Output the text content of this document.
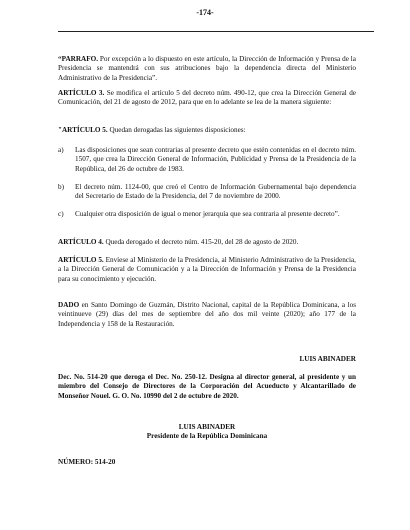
-174-

“PARRAFO. Por excepción a lo dispuesto en este artículo, la Dirección de Información y Prensa de la Presidencia se mantendrá con sus atribuciones bajo la dependencia directa del Ministerio Administrativo de la Presidencia”.

ARTÍCULO 3. Se modifica el artículo 5 del decreto núm. 490-12, que crea la Dirección General de Comunicación, del 21 de agosto de 2012, para que en lo adelante se lea de la manera siguiente:

"ARTÍCULO 5. Quedan derogadas las siguientes disposiciones:

a) Las disposiciones que sean contrarias al presente decreto que estén contenidas en el decreto núm. 1507, que crea la Dirección General de Información, Publicidad y Prensa de la Presidencia de la República, del 26 de octubre de 1983.
b) El decreto núm. 1124-00, que creó el Centro de Información Gubernamental bajo dependencia del Secretario de Estado de la Presidencia, del 7 de noviembre de 2000.
c) Cualquier otra disposición de igual o menor jerarquía que sea contraria al presente decreto”.

ARTÍCULO 4. Queda derogado el decreto núm. 415-20, del 28 de agosto de 2020.

ARTÍCULO 5. Envíese al Ministerio de la Presidencia, al Ministerio Administrativo de la Presidencia, a la Dirección General de Comunicación y a la Dirección de Información y Prensa de la Presidencia para su conocimiento y ejecución.

DADO en Santo Domingo de Guzmán, Distrito Nacional, capital de la República Dominicana, a los veintinueve (29) días del mes de septiembre del año dos mil veinte (2020); año 177 de la Independencia y 158 de la Restauración.

LUIS ABINADER
Dec. No. 514-20 que deroga el Dec. No. 250-12. Designa al director general, al presidente y un miembro del Consejo de Directores de la Corporación del Acueducto y Alcantarillado de Monseñor Nouel. G. O. No. 10990 del 2 de octubre de 2020.
LUIS ABINADER
Presidente de la República Dominicana
NÚMERO: 514-20
